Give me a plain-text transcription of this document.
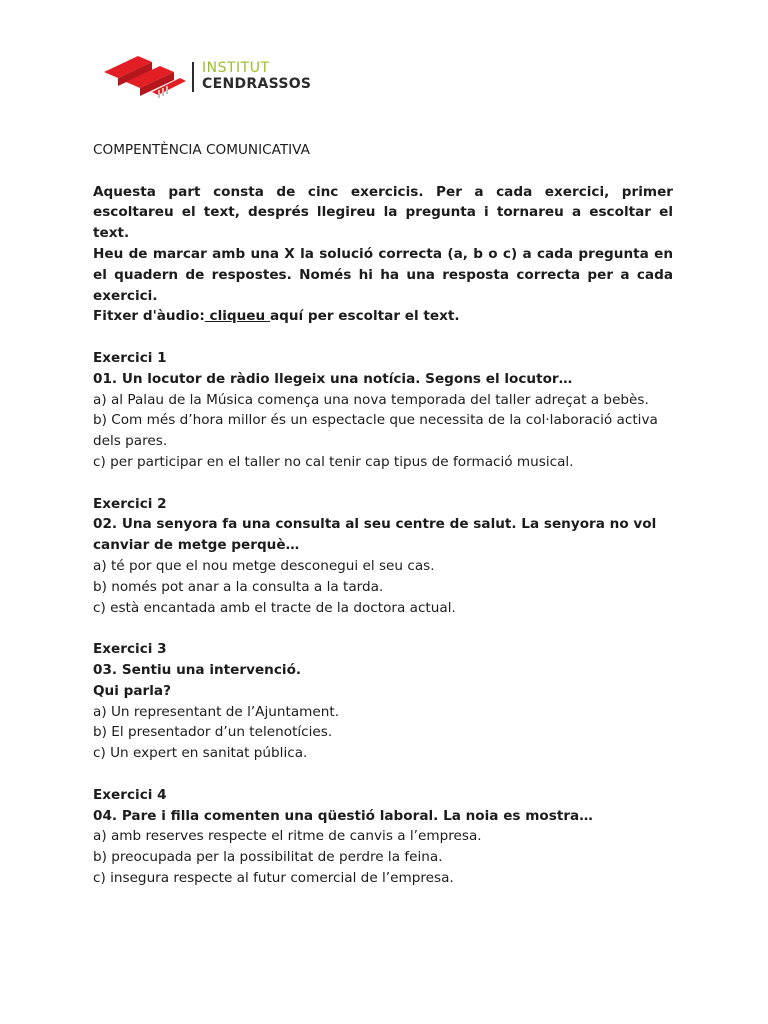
INSTITUT
CENDRASSOS

COMPENTÈNCIA COMUNICATIVA

Aquesta part consta de cinc exercicis. Per a cada exercici, primer escoltareu el text, després llegireu la pregunta i tornareu a escoltar el text.

Heu de marcar amb una X la solució correcta (a, b o c) a cada pregunta en el quadern de respostes. Només hi ha una resposta correcta per a cada exercici.

Fitxer d'àudio: cliqueu aquí per escoltar el text.

Exercici 1

01. Un locutor de ràdio llegeix una notícia. Segons el locutor…

a) al Palau de la Música comença una nova temporada del taller adreçat a bebès.

b) Com més d’hora millor és un espectacle que necessita de la col·laboració activa dels pares.

c) per participar en el taller no cal tenir cap tipus de formació musical.

Exercici 2

02. Una senyora fa una consulta al seu centre de salut. La senyora no vol canviar de metge perquè…

a) té por que el nou metge desconegui el seu cas.

b) només pot anar a la consulta a la tarda.

c) està encantada amb el tracte de la doctora actual.

Exercici 3

03. Sentiu una intervenció.

Qui parla?

a) Un representant de l’Ajuntament.

b) El presentador d’un telenotícies.

c) Un expert en sanitat pública.

Exercici 4

04. Pare i filla comenten una qüestió laboral. La noia es mostra…

a) amb reserves respecte el ritme de canvis a l’empresa.

b) preocupada per la possibilitat de perdre la feina.

c) insegura respecte al futur comercial de l’empresa.
